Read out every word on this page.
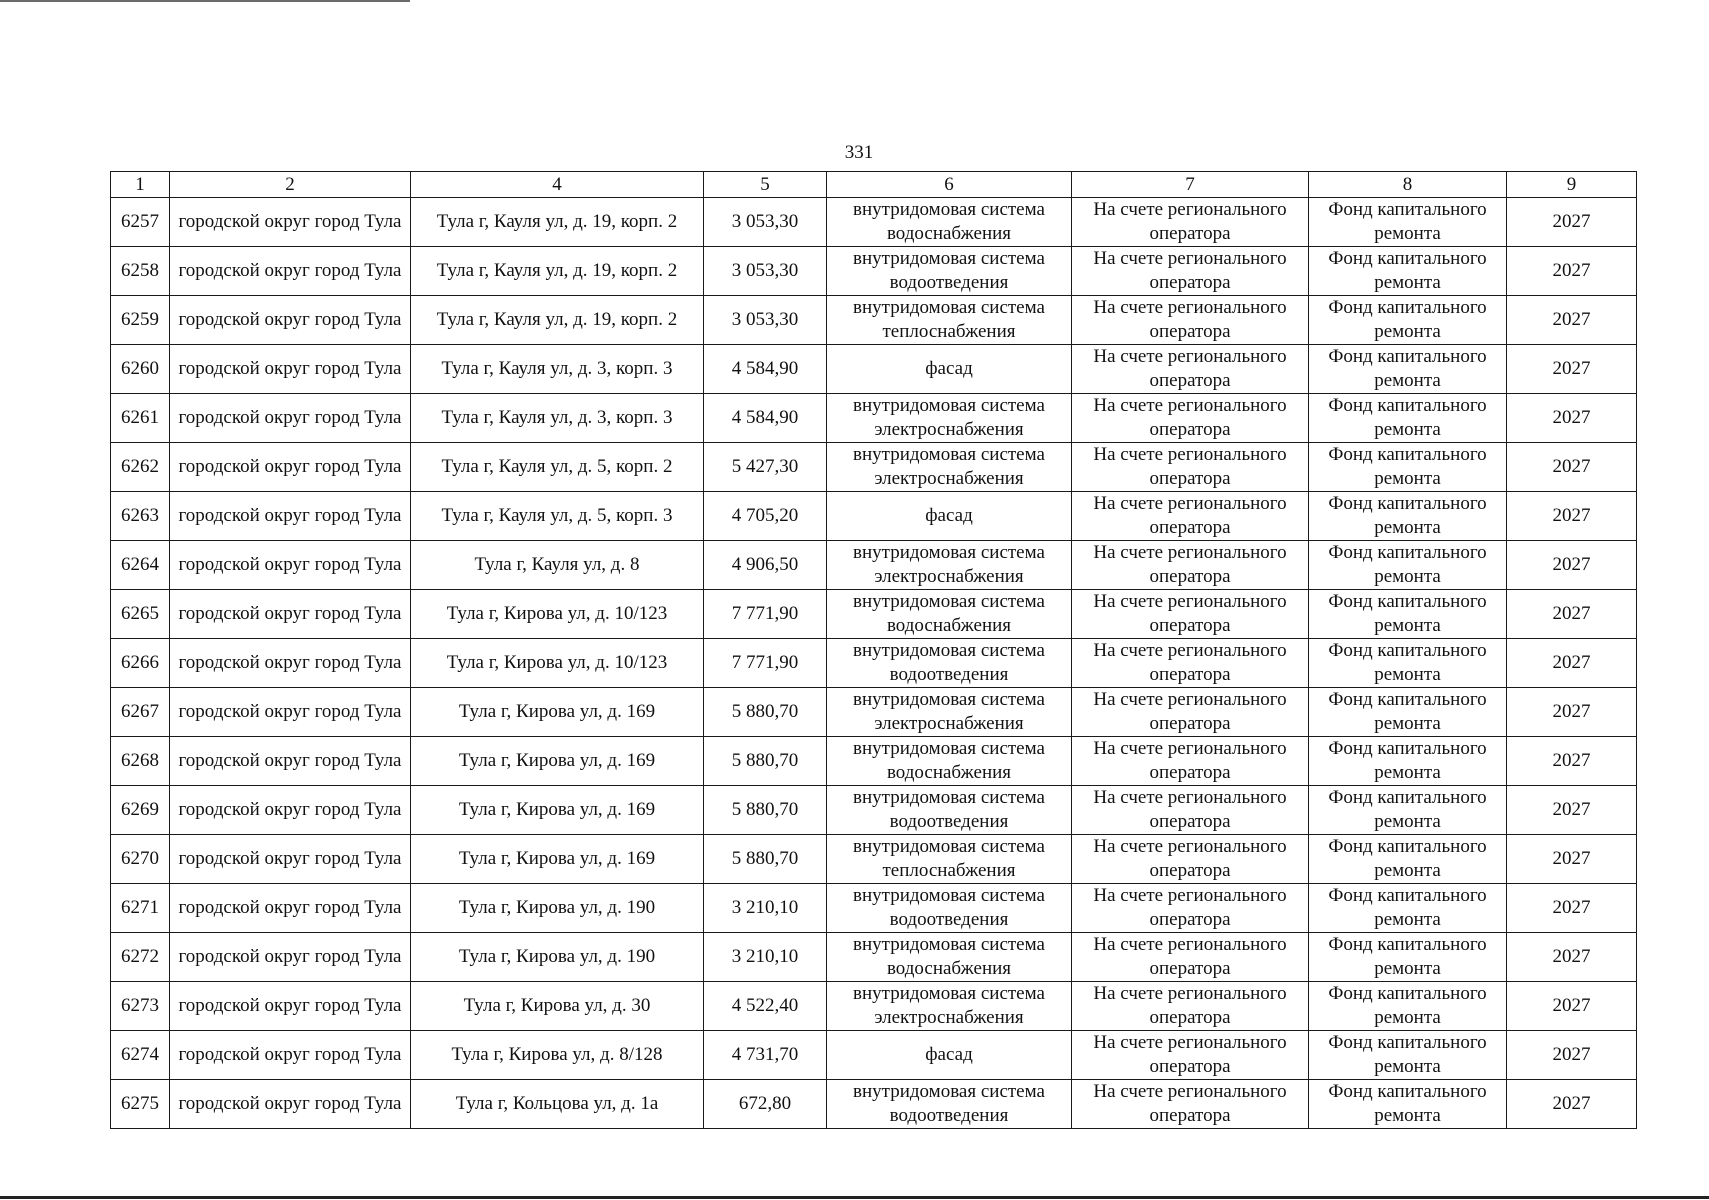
331
1	2	4	5	6	7	8	9
6257	городской округ город Тула	Тула г, Кауля ул, д. 19, корп. 2	3 053,30	внутридомовая система водоснабжения	На счете регионального оператора	Фонд капитального ремонта	2027
6258	городской округ город Тула	Тула г, Кауля ул, д. 19, корп. 2	3 053,30	внутридомовая система водоотведения	На счете регионального оператора	Фонд капитального ремонта	2027
6259	городской округ город Тула	Тула г, Кауля ул, д. 19, корп. 2	3 053,30	внутридомовая система теплоснабжения	На счете регионального оператора	Фонд капитального ремонта	2027
6260	городской округ город Тула	Тула г, Кауля ул, д. 3, корп. 3	4 584,90	фасад	На счете регионального оператора	Фонд капитального ремонта	2027
6261	городской округ город Тула	Тула г, Кауля ул, д. 3, корп. 3	4 584,90	внутридомовая система электроснабжения	На счете регионального оператора	Фонд капитального ремонта	2027
6262	городской округ город Тула	Тула г, Кауля ул, д. 5, корп. 2	5 427,30	внутридомовая система электроснабжения	На счете регионального оператора	Фонд капитального ремонта	2027
6263	городской округ город Тула	Тула г, Кауля ул, д. 5, корп. 3	4 705,20	фасад	На счете регионального оператора	Фонд капитального ремонта	2027
6264	городской округ город Тула	Тула г, Кауля ул, д. 8	4 906,50	внутридомовая система электроснабжения	На счете регионального оператора	Фонд капитального ремонта	2027
6265	городской округ город Тула	Тула г, Кирова ул, д. 10/123	7 771,90	внутридомовая система водоснабжения	На счете регионального оператора	Фонд капитального ремонта	2027
6266	городской округ город Тула	Тула г, Кирова ул, д. 10/123	7 771,90	внутридомовая система водоотведения	На счете регионального оператора	Фонд капитального ремонта	2027
6267	городской округ город Тула	Тула г, Кирова ул, д. 169	5 880,70	внутридомовая система электроснабжения	На счете регионального оператора	Фонд капитального ремонта	2027
6268	городской округ город Тула	Тула г, Кирова ул, д. 169	5 880,70	внутридомовая система водоснабжения	На счете регионального оператора	Фонд капитального ремонта	2027
6269	городской округ город Тула	Тула г, Кирова ул, д. 169	5 880,70	внутридомовая система водоотведения	На счете регионального оператора	Фонд капитального ремонта	2027
6270	городской округ город Тула	Тула г, Кирова ул, д. 169	5 880,70	внутридомовая система теплоснабжения	На счете регионального оператора	Фонд капитального ремонта	2027
6271	городской округ город Тула	Тула г, Кирова ул, д. 190	3 210,10	внутридомовая система водоотведения	На счете регионального оператора	Фонд капитального ремонта	2027
6272	городской округ город Тула	Тула г, Кирова ул, д. 190	3 210,10	внутридомовая система водоснабжения	На счете регионального оператора	Фонд капитального ремонта	2027
6273	городской округ город Тула	Тула г, Кирова ул, д. 30	4 522,40	внутридомовая система электроснабжения	На счете регионального оператора	Фонд капитального ремонта	2027
6274	городской округ город Тула	Тула г, Кирова ул, д. 8/128	4 731,70	фасад	На счете регионального оператора	Фонд капитального ремонта	2027
6275	городской округ город Тула	Тула г, Кольцова ул, д. 1а	672,80	внутридомовая система водоотведения	На счете регионального оператора	Фонд капитального ремонта	2027
